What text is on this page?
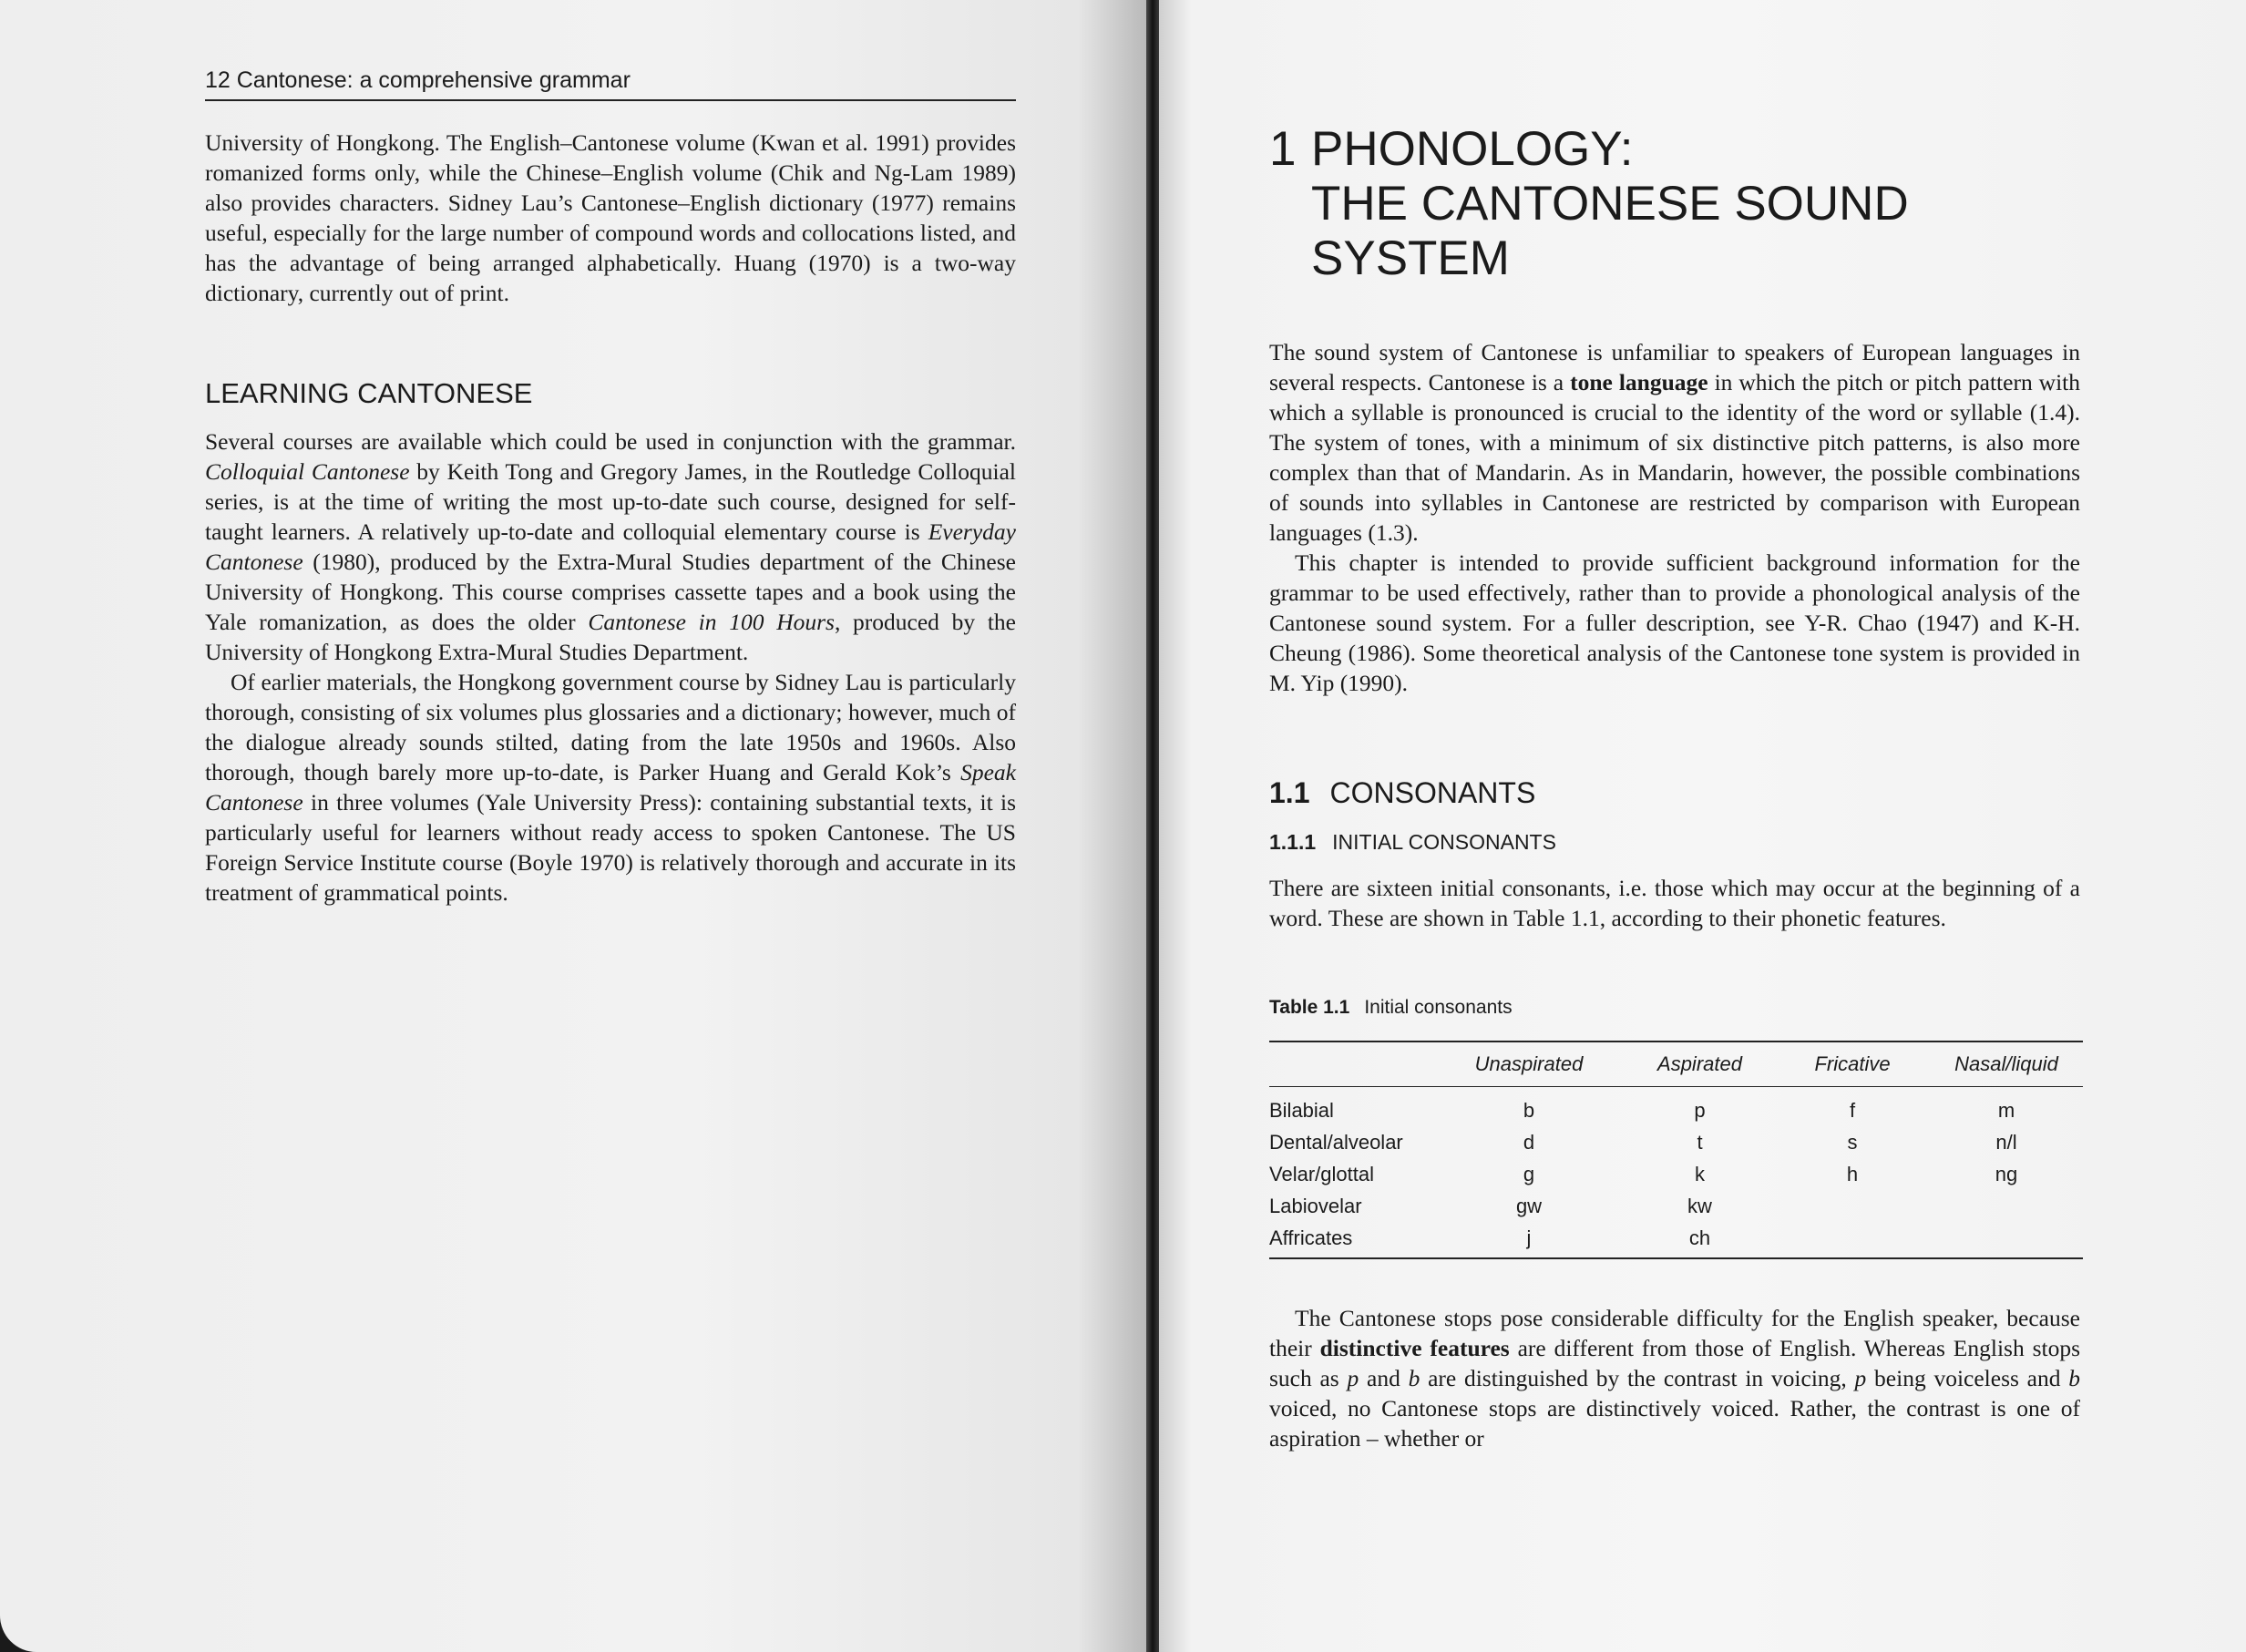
12 Cantonese: a comprehensive grammar

University of Hongkong. The English–Cantonese volume (Kwan et al. 1991) provides romanized forms only, while the Chinese–English volume (Chik and Ng-Lam 1989) also provides characters. Sidney Lau’s Cantonese–English dictionary (1977) remains useful, especially for the large number of compound words and collocations listed, and has the advantage of being arranged alphabetically. Huang (1970) is a two-way dictionary, currently out of print.

LEARNING CANTONESE

Several courses are available which could be used in conjunction with the grammar. Colloquial Cantonese by Keith Tong and Gregory James, in the Routledge Colloquial series, is at the time of writing the most up-to-date such course, designed for self-taught learners. A relatively up-to-date and colloquial elementary course is Everyday Cantonese (1980), produced by the Extra-Mural Studies department of the Chinese University of Hongkong. This course comprises cassette tapes and a book using the Yale romanization, as does the older Cantonese in 100 Hours, produced by the University of Hongkong Extra-Mural Studies Department.

Of earlier materials, the Hongkong government course by Sidney Lau is particularly thorough, consisting of six volumes plus glossaries and a dictionary; however, much of the dialogue already sounds stilted, dating from the late 1950s and 1960s. Also thorough, though barely more up-to-date, is Parker Huang and Gerald Kok’s Speak Cantonese in three volumes (Yale University Press): containing substantial texts, it is particularly useful for learners without ready access to spoken Cantonese. The US Foreign Service Institute course (Boyle 1970) is relatively thorough and accurate in its treatment of grammatical points.

1 PHONOLOGY:
THE CANTONESE SOUND
SYSTEM

The sound system of Cantonese is unfamiliar to speakers of European languages in several respects. Cantonese is a tone language in which the pitch or pitch pattern with which a syllable is pronounced is crucial to the identity of the word or syllable (1.4). The system of tones, with a minimum of six distinctive pitch patterns, is also more complex than that of Mandarin. As in Mandarin, however, the possible combinations of sounds into syllables in Cantonese are restricted by comparison with European languages (1.3).

This chapter is intended to provide sufficient background information for the grammar to be used effectively, rather than to provide a phonological analysis of the Cantonese sound system. For a fuller description, see Y-R. Chao (1947) and K-H. Cheung (1986). Some theoretical analysis of the Cantonese tone system is provided in M. Yip (1990).

1.1 CONSONANTS
1.1.1 INITIAL CONSONANTS

There are sixteen initial consonants, i.e. those which may occur at the beginning of a word. These are shown in Table 1.1, according to their phonetic features.

Table 1.1 Initial consonants
	Unaspirated	Aspirated	Fricative	Nasal/liquid
Bilabial	b	p	f	m
Dental/alveolar	d	t	s	n/l
Velar/glottal	g	k	h	ng
Labiovelar	gw	kw		
Affricates	j	ch		

The Cantonese stops pose considerable difficulty for the English speaker, because their distinctive features are different from those of English. Whereas English stops such as p and b are distinguished by the contrast in voicing, p being voiceless and b voiced, no Cantonese stops are distinctively voiced. Rather, the contrast is one of aspiration – whether or
